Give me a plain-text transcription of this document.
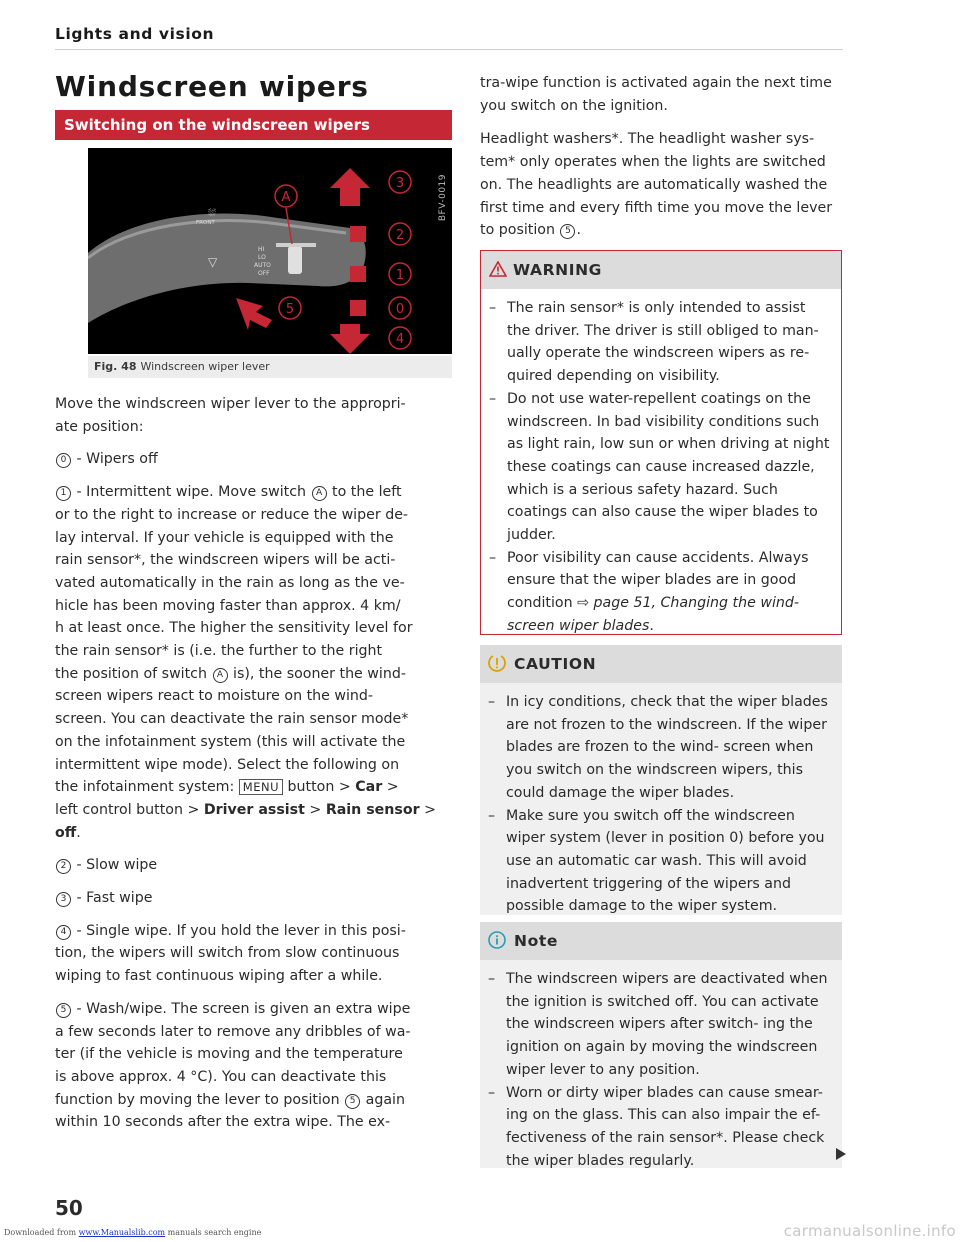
Lights and vision
Windscreen wipers
Switching on the windscreen wipers
FRONT
⛆
HI
LO
AUTO
OFF
▽
A
3
2
1
0
4
5
BFV-0019
Fig. 48 Windscreen wiper lever
Move the windscreen wiper lever to the appropri-
ate position:
0 - Wipers off
1 - Intermittent wipe. Move switch A to the left
or to the right to increase or reduce the wiper de-
lay interval. If your vehicle is equipped with the
rain sensor*, the windscreen wipers will be acti-
vated automatically in the rain as long as the ve-
hicle has been moving faster than approx. 4 km/
h at least once. The higher the sensitivity level for
the rain sensor* is (i.e. the further to the right
the position of switch A is), the sooner the wind-
screen wipers react to moisture on the wind-
screen. You can deactivate the rain sensor mode*
on the infotainment system (this will activate the
intermittent wipe mode). Select the following on
the infotainment system: MENU button > Car >
left control button > Driver assist > Rain sensor >
off.
2 - Slow wipe
3 - Fast wipe
4 - Single wipe. If you hold the lever in this posi-
tion, the wipers will switch from slow continuous
wiping to fast continuous wiping after a while.
5 - Wash/wipe. The screen is given an extra wipe
a few seconds later to remove any dribbles of wa-
ter (if the vehicle is moving and the temperature
is above approx. 4 °C). You can deactivate this
function by moving the lever to position 5 again
within 10 seconds after the extra wipe. The ex-
tra-wipe function is activated again the next time
you switch on the ignition.
Headlight washers*. The headlight washer sys-
tem* only operates when the lights are switched
on. The headlights are automatically washed the
first time and every fifth time you move the lever
to position 5 .
WARNING
– The rain sensor* is only intended to assist the driver. The driver is still obliged to man- ually operate the windscreen wipers as re- quired depending on visibility.
– Do not use water-repellent coatings on the windscreen. In bad visibility conditions such as light rain, low sun or when driving at night these coatings can cause increased dazzle, which is a serious safety hazard. Such coatings can also cause the wiper blades to judder.
– Poor visibility can cause accidents. Always ensure that the wiper blades are in good condition ⇨ page 51, Changing the wind- screen wiper blades.
CAUTION
– In icy conditions, check that the wiper blades are not frozen to the windscreen. If the wiper blades are frozen to the wind- screen when you switch on the windscreen wipers, this could damage the wiper blades.
– Make sure you switch off the windscreen wiper system (lever in position 0) before you use an automatic car wash. This will avoid inadvertent triggering of the wipers and possible damage to the wiper system.
Note
– The windscreen wipers are deactivated when the ignition is switched off. You can activate the windscreen wipers after switch- ing the ignition on again by moving the windscreen wiper lever to any position.
– Worn or dirty wiper blades can cause smear- ing on the glass. This can also impair the ef- fectiveness of the rain sensor*. Please check the wiper blades regularly.
50
Downloaded from www.Manualslib.com manuals search engine	carmanualsonline.info
